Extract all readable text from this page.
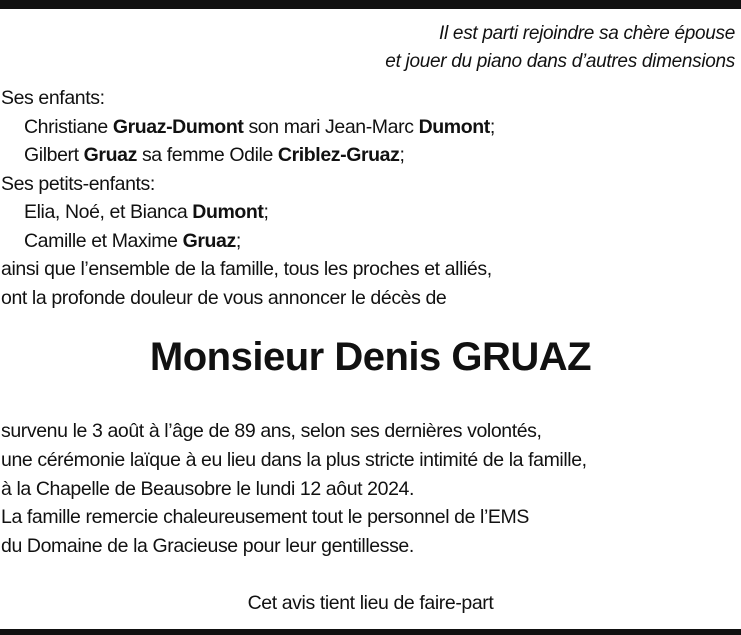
Il est parti rejoindre sa chère épouse
et jouer du piano dans d’autres dimensions
Ses enfants:
Christiane Gruaz-Dumont son mari Jean-Marc Dumont;
Gilbert Gruaz sa femme Odile Criblez-Gruaz;
Ses petits-enfants:
Elia, Noé, et Bianca Dumont;
Camille et Maxime Gruaz;
ainsi que l’ensemble de la famille, tous les proches et alliés,
ont la profonde douleur de vous annoncer le décès de
Monsieur Denis GRUAZ
survenu le 3 août à l’âge de 89 ans, selon ses dernières volontés,
une cérémonie laïque à eu lieu dans la plus stricte intimité de la famille,
à la Chapelle de Beausobre le lundi 12 aôut 2024.
La famille remercie chaleureusement tout le personnel de l’EMS
du Domaine de la Gracieuse pour leur gentillesse.
Cet avis tient lieu de faire-part
